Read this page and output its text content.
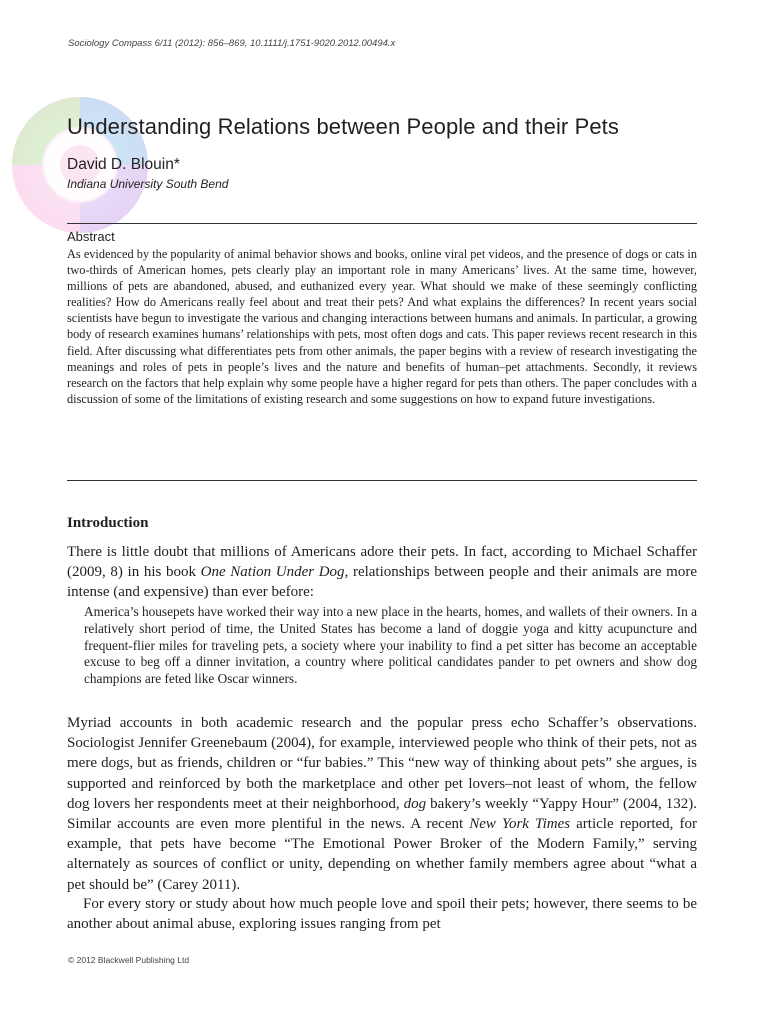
Sociology Compass 6/11 (2012): 856–869, 10.1111/j.1751-9020.2012.00494.x
Understanding Relations between People and their Pets
David D. Blouin*
Indiana University South Bend
Abstract

As evidenced by the popularity of animal behavior shows and books, online viral pet videos, and the presence of dogs or cats in two-thirds of American homes, pets clearly play an important role in many Americans’ lives. At the same time, however, millions of pets are abandoned, abused, and euthanized every year. What should we make of these seemingly conflicting realities? How do Americans really feel about and treat their pets? And what explains the differences? In recent years social scientists have begun to investigate the various and changing interactions between humans and animals. In particular, a growing body of research examines humans’ relationships with pets, most often dogs and cats. This paper reviews recent research in this field. After discussing what differentiates pets from other animals, the paper begins with a review of research investigating the meanings and roles of pets in people’s lives and the nature and benefits of human–pet attachments. Secondly, it reviews research on the factors that help explain why some people have a higher regard for pets than others. The paper concludes with a discussion of some of the limitations of existing research and some suggestions on how to expand future investigations.

Introduction

There is little doubt that millions of Americans adore their pets. In fact, according to Michael Schaffer (2009, 8) in his book One Nation Under Dog, relationships between people and their animals are more intense (and expensive) than ever before:

America’s housepets have worked their way into a new place in the hearts, homes, and wallets of their owners. In a relatively short period of time, the United States has become a land of doggie yoga and kitty acupuncture and frequent-flier miles for traveling pets, a society where your inability to find a pet sitter has become an acceptable excuse to beg off a dinner invitation, a country where political candidates pander to pet owners and show dog champions are feted like Oscar winners.

Myriad accounts in both academic research and the popular press echo Schaffer’s observations. Sociologist Jennifer Greenebaum (2004), for example, interviewed people who think of their pets, not as mere dogs, but as friends, children or “fur babies.” This “new way of thinking about pets” she argues, is supported and reinforced by both the marketplace and other pet lovers–not least of whom, the fellow dog lovers her respondents meet at their neighborhood, dog bakery’s weekly “Yappy Hour” (2004, 132). Similar accounts are even more plentiful in the news. A recent New York Times article reported, for example, that pets have become “The Emotional Power Broker of the Modern Family,” serving alternately as sources of conflict or unity, depending on whether family members agree about “what a pet should be” (Carey 2011).

For every story or study about how much people love and spoil their pets; however, there seems to be another about animal abuse, exploring issues ranging from pet

© 2012 Blackwell Publishing Ltd
